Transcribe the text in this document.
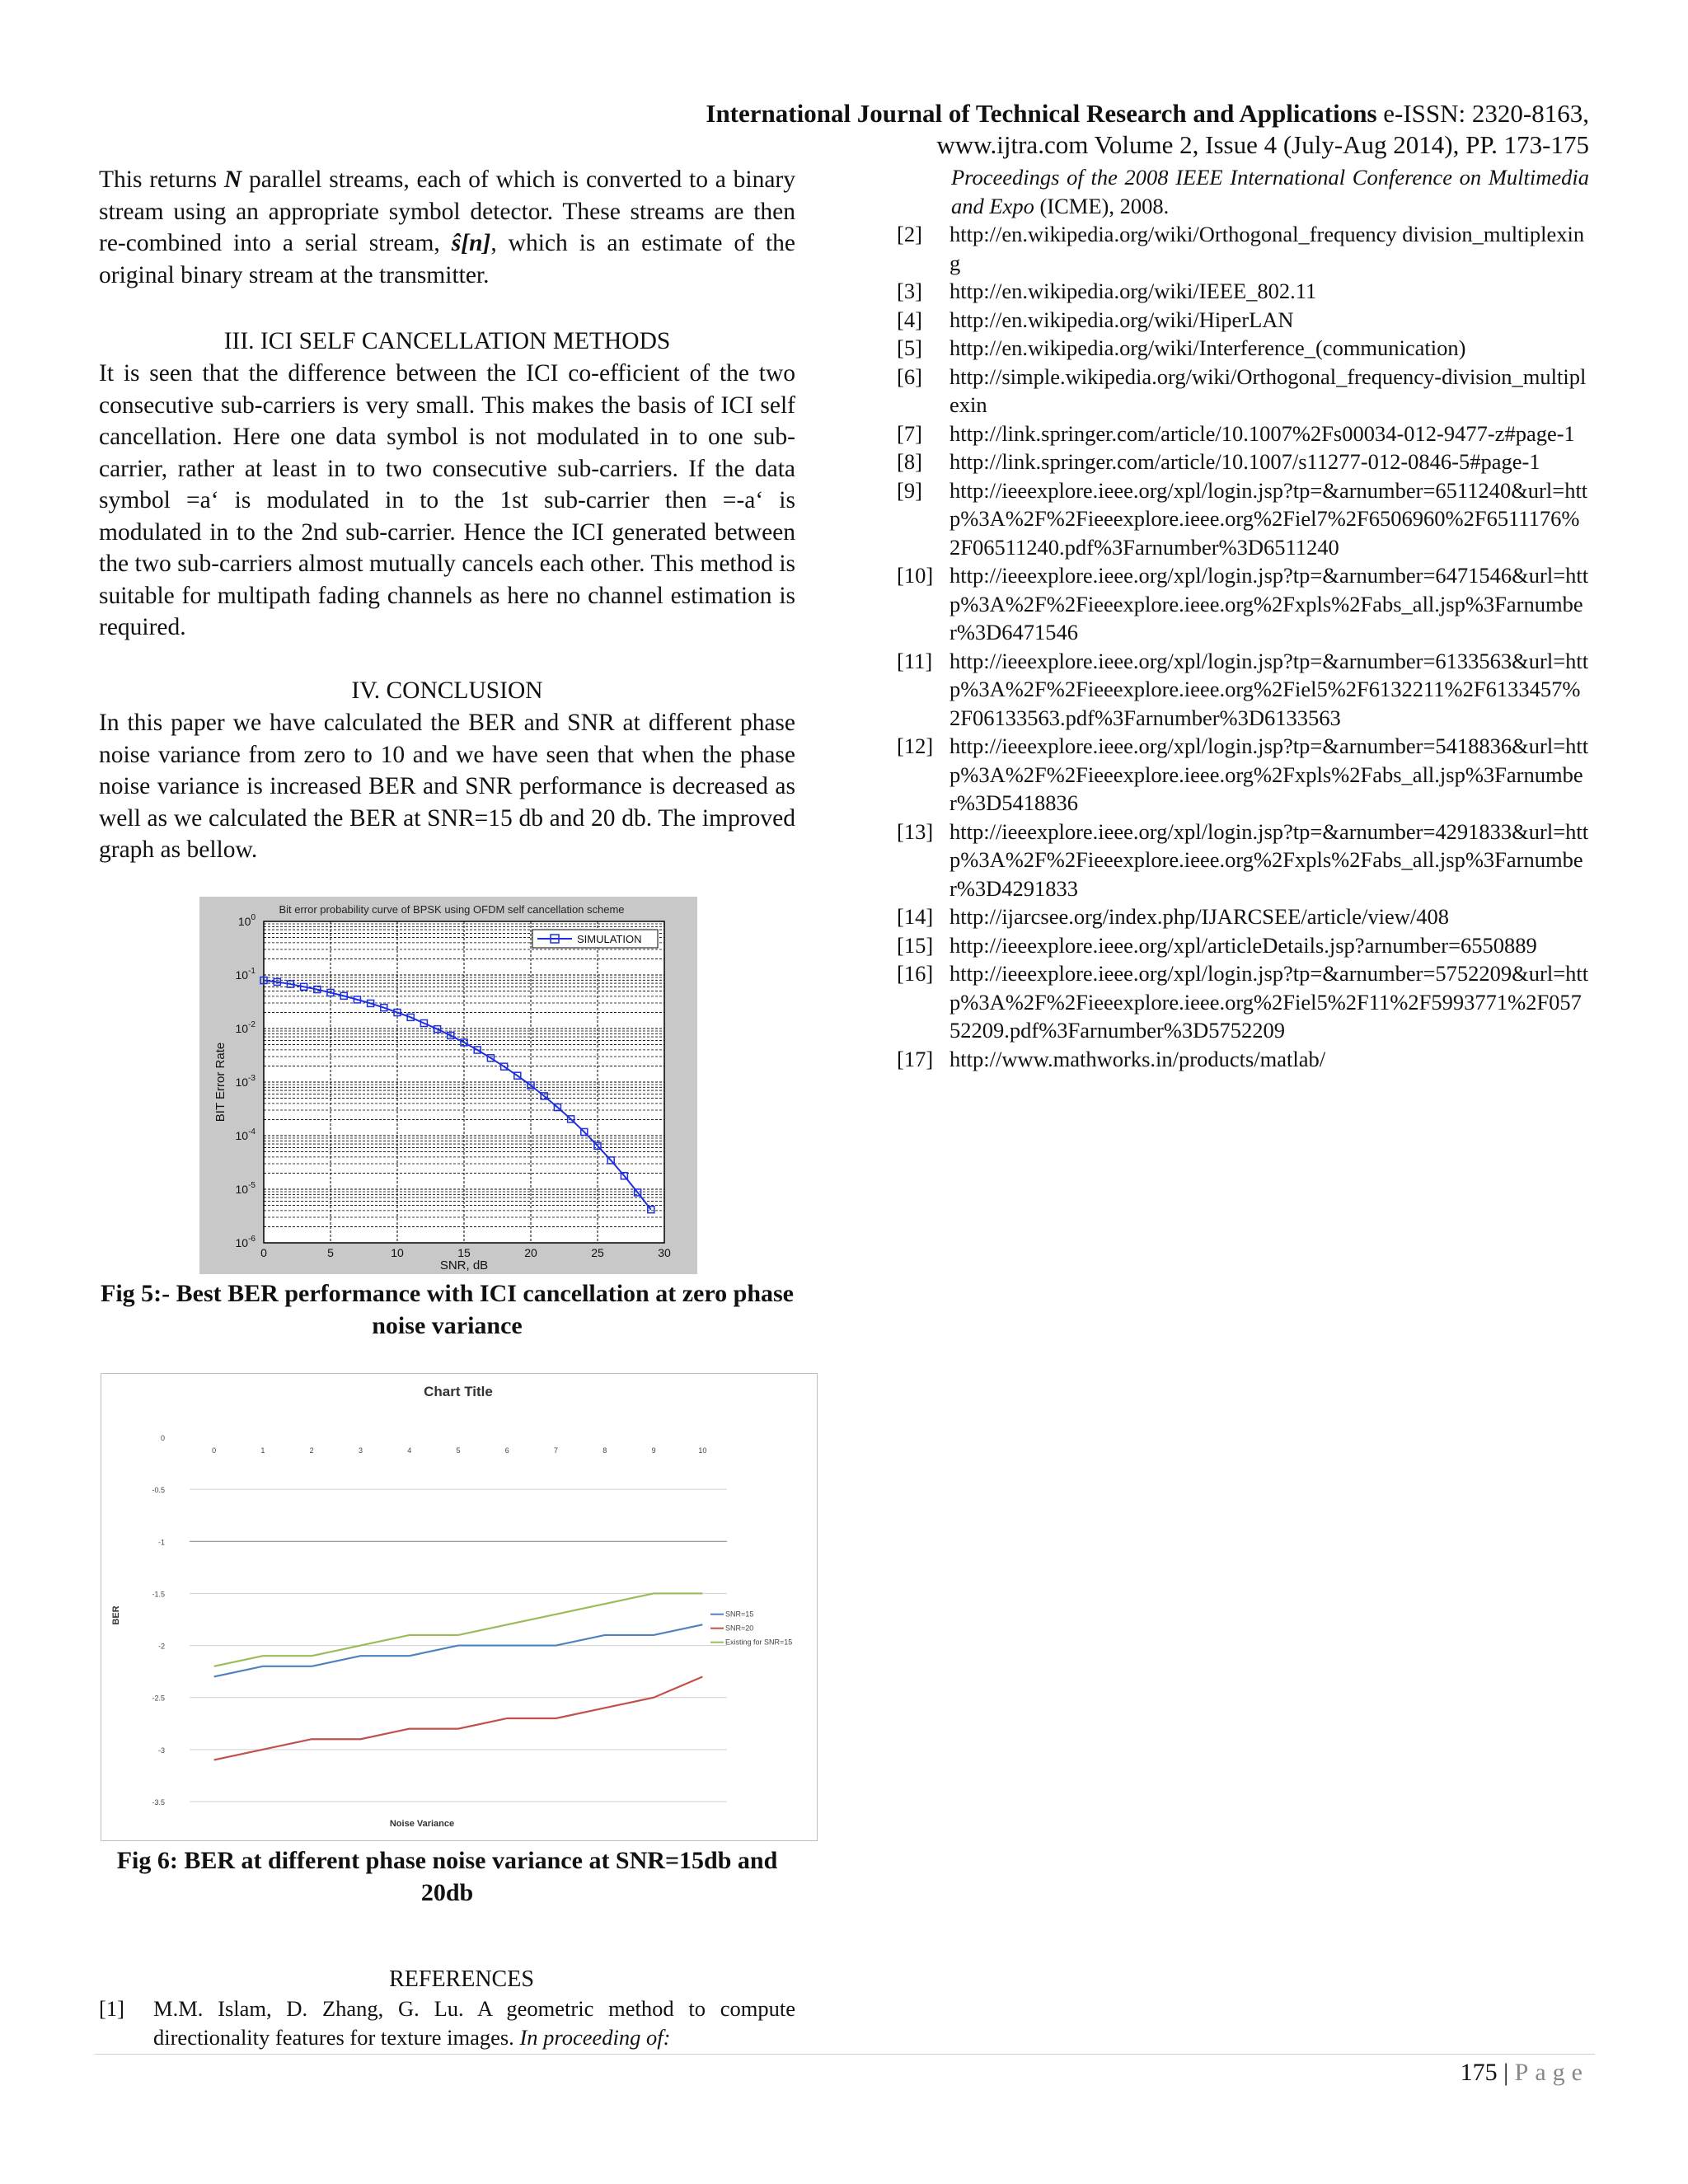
International Journal of Technical Research and Applications e-ISSN: 2320-8163,
www.ijtra.com Volume 2, Issue 4 (July-Aug 2014), PP. 173-175
This returns N parallel streams, each of which is converted to a binary stream using an appropriate symbol detector. These streams are then re-combined into a serial stream, ŝ[n], which is an estimate of the original binary stream at the transmitter.
III. ICI SELF CANCELLATION METHODS
It is seen that the difference between the ICI co-efficient of the two consecutive sub-carriers is very small. This makes the basis of ICI self cancellation. Here one data symbol is not modulated in to one sub-carrier, rather at least in to two consecutive sub-carriers. If the data symbol =a‘ is modulated in to the 1st sub-carrier then =-a‘ is modulated in to the 2nd sub-carrier. Hence the ICI generated between the two sub-carriers almost mutually cancels each other. This method is suitable for multipath fading channels as here no channel estimation is required.
IV. CONCLUSION
In this paper we have calculated the BER and SNR at different phase noise variance from zero to 10 and we have seen that when the phase noise variance is increased BER and SNR performance is decreased as well as we calculated the BER at SNR=15 db and 20 db. The improved graph as bellow.
Bit error probability curve of BPSK using OFDM self cancellation scheme
0	5	10	15	20	25	30
$10^0$
$10^{-1}$
$10^{-2}$
$10^{-3}$
$10^{-4}$
$10^{-5}$
$10^{-6}$
SIMULATION
SNR, dB
BIT Error Rate
Fig 5:- Best BER performance with ICI cancellation at zero phase noise variance
Chart Title
0
-0.5
-1
-1.5
-2
-2.5
-3
-3.5
0	1	2	3	4	5	6	7	8	9	10
SNR=15
SNR=20
Existing for SNR=15
Noise Variance
BER
Fig 6: BER at different phase noise variance at SNR=15db and 20db
REFERENCES
[1] M.M. Islam, D. Zhang, G. Lu. A geometric method to compute directionality features for texture images. In proceeding of:
Proceedings of the 2008 IEEE International Conference on Multimedia and Expo (ICME), 2008.
[2] http://en.wikipedia.org/wiki/Orthogonal_frequency division_multiplexing
[3] http://en.wikipedia.org/wiki/IEEE_802.11
[4] http://en.wikipedia.org/wiki/HiperLAN
[5] http://en.wikipedia.org/wiki/Interference_(communication)
[6] http://simple.wikipedia.org/wiki/Orthogonal_frequency-division_multiplexin
[7] http://link.springer.com/article/10.1007%2Fs00034-012-9477-z#page-1
[8] http://link.springer.com/article/10.1007/s11277-012-0846-5#page-1
[9] http://ieeexplore.ieee.org/xpl/login.jsp?tp=&arnumber=6511240&url=http%3A%2F%2Fieeexplore.ieee.org%2Fiel7%2F6506960%2F6511176%2F06511240.pdf%3Farnumber%3D6511240
[10] http://ieeexplore.ieee.org/xpl/login.jsp?tp=&arnumber=6471546&url=http%3A%2F%2Fieeexplore.ieee.org%2Fxpls%2Fabs_all.jsp%3Farnumber%3D6471546
[11] http://ieeexplore.ieee.org/xpl/login.jsp?tp=&arnumber=6133563&url=http%3A%2F%2Fieeexplore.ieee.org%2Fiel5%2F6132211%2F6133457%2F06133563.pdf%3Farnumber%3D6133563
[12] http://ieeexplore.ieee.org/xpl/login.jsp?tp=&arnumber=5418836&url=http%3A%2F%2Fieeexplore.ieee.org%2Fxpls%2Fabs_all.jsp%3Farnumber%3D5418836
[13] http://ieeexplore.ieee.org/xpl/login.jsp?tp=&arnumber=4291833&url=http%3A%2F%2Fieeexplore.ieee.org%2Fxpls%2Fabs_all.jsp%3Farnumber%3D4291833
[14] http://ijarcsee.org/index.php/IJARCSEE/article/view/408
[15] http://ieeexplore.ieee.org/xpl/articleDetails.jsp?arnumber=6550889
[16] http://ieeexplore.ieee.org/xpl/login.jsp?tp=&arnumber=5752209&url=http%3A%2F%2Fieeexplore.ieee.org%2Fiel5%2F11%2F5993771%2F05752209.pdf%3Farnumber%3D5752209
[17] http://www.mathworks.in/products/matlab/
175 | Page
